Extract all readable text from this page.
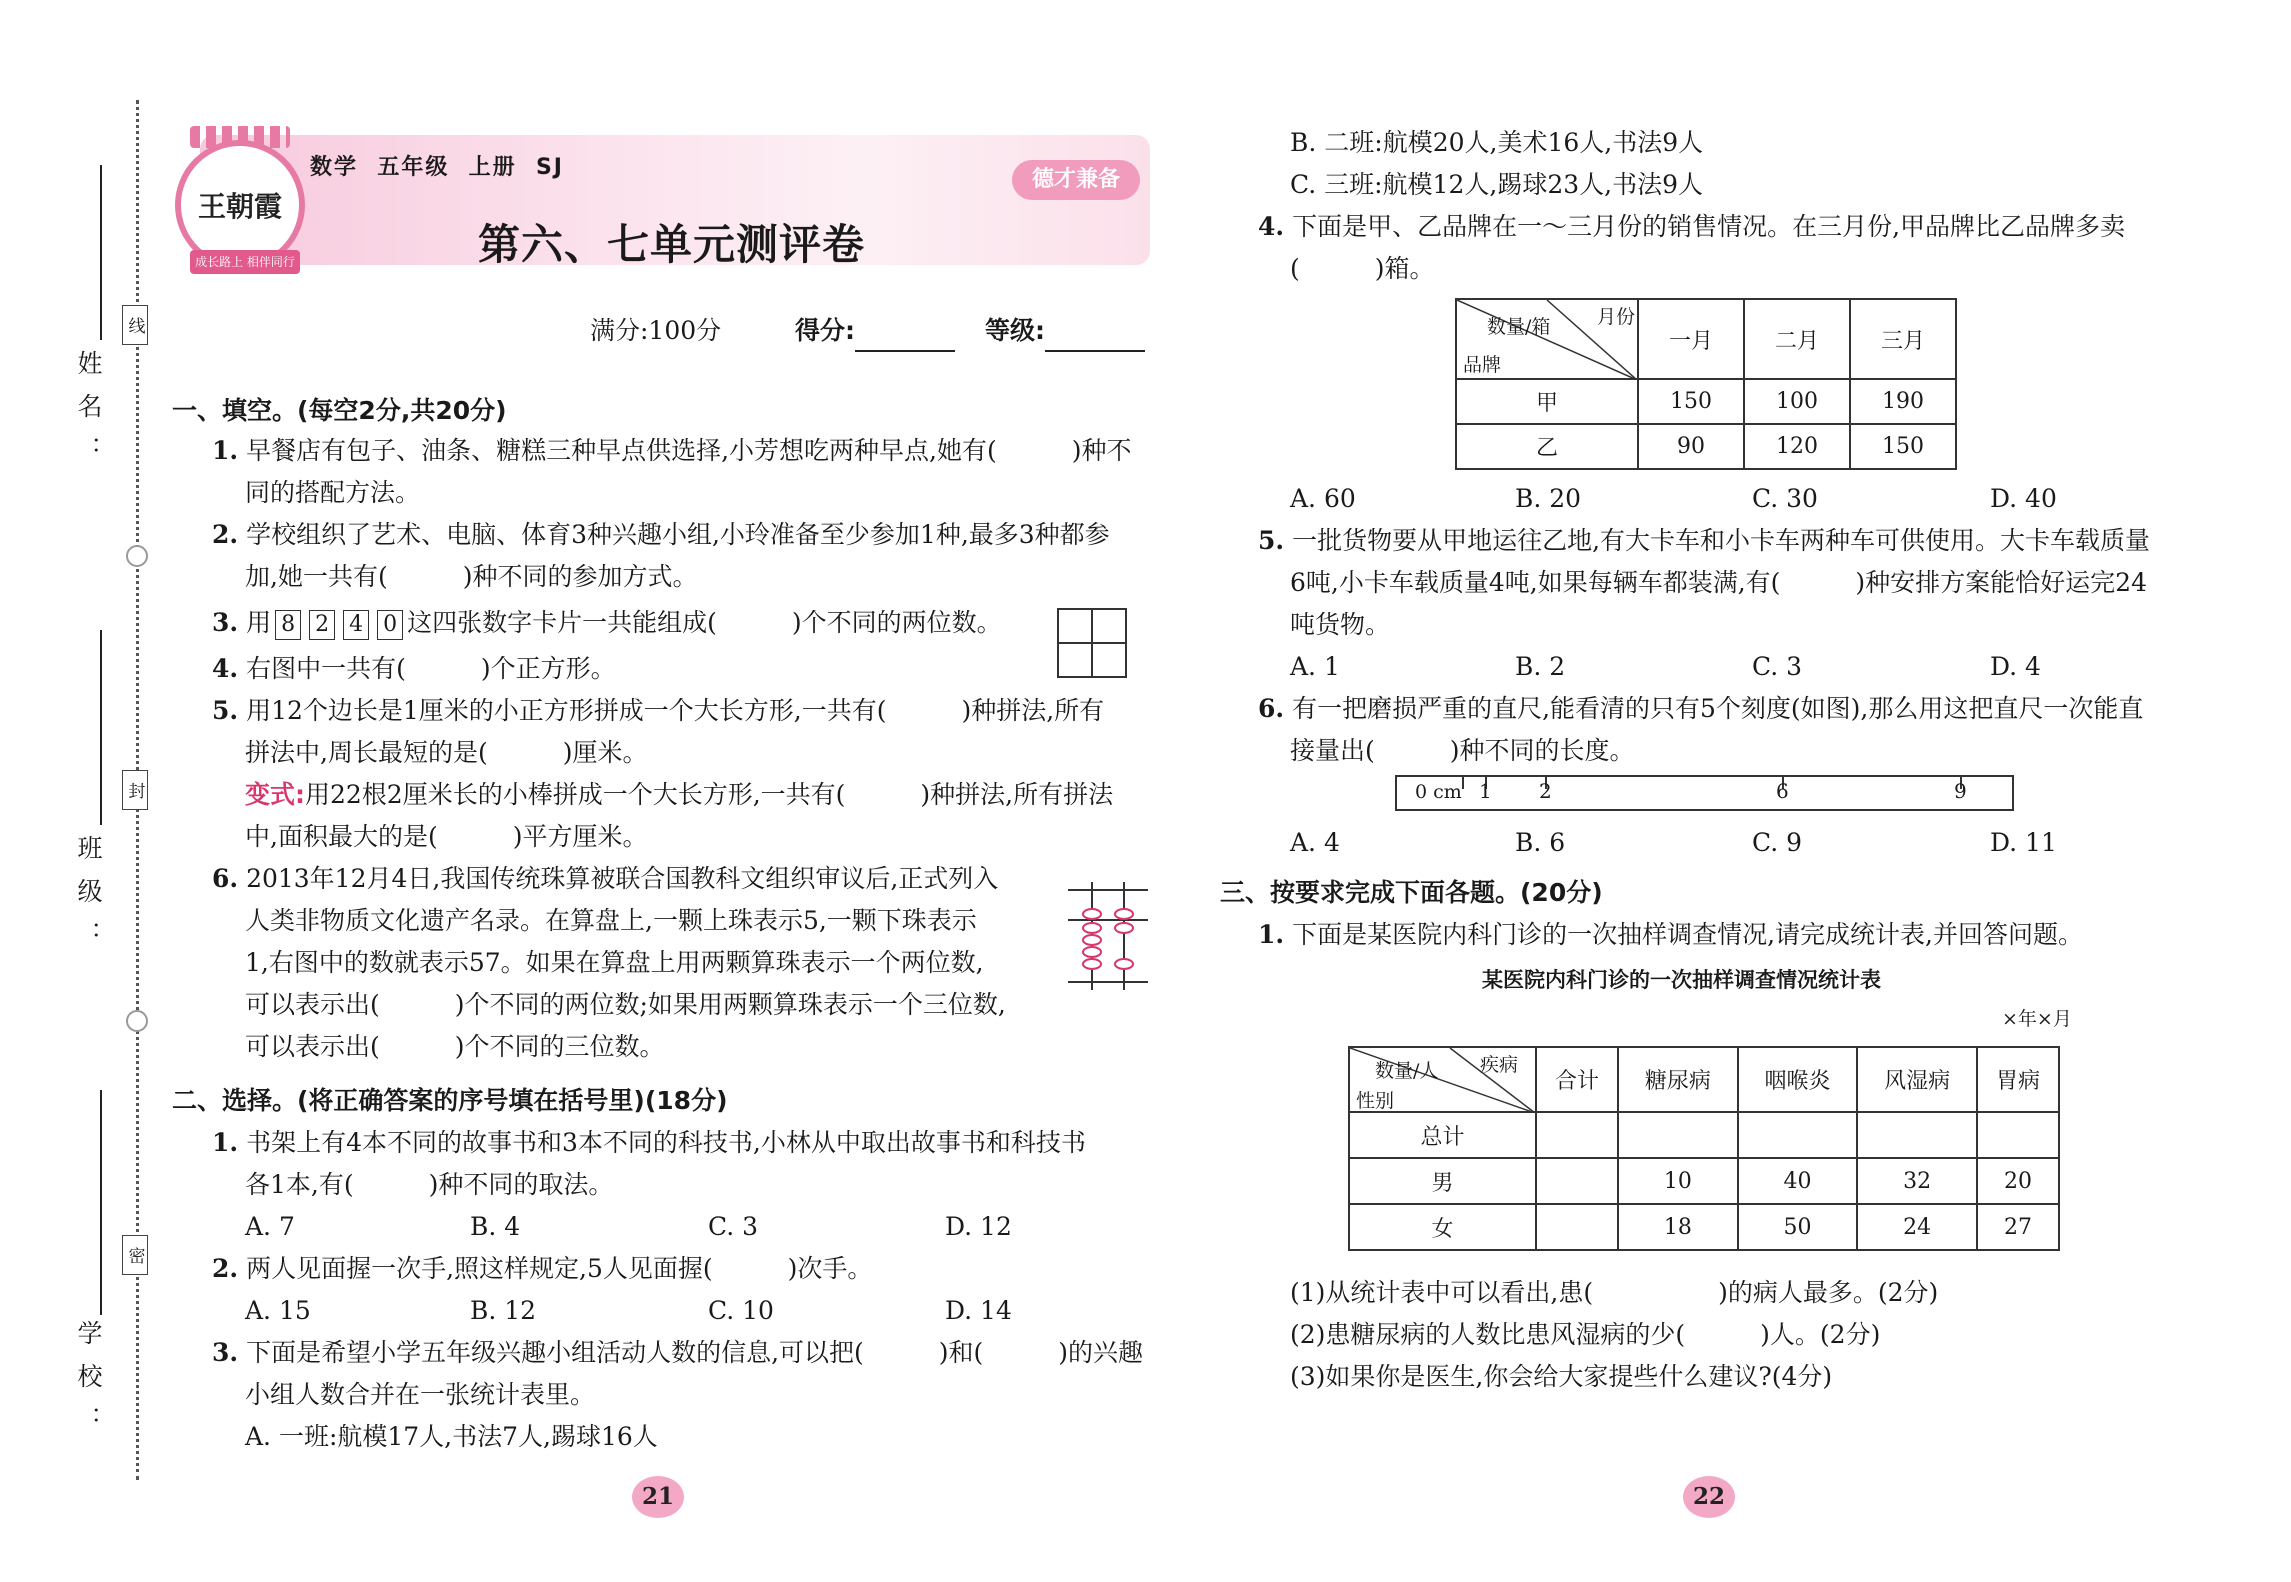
姓名：
班级：
学校：
线
封
密
王朝霞
成长路上 相伴同行
数学  五年级  上册  SJ
第六、七单元测评卷
德才兼备
满分:100分	得分:	等级:
一、填空。(每空2分,共20分)
1. 早餐店有包子、油条、糖糕三种早点供选择,小芳想吃两种早点,她有(　　　)种不
同的搭配方法。
2. 学校组织了艺术、电脑、体育3种兴趣小组,小玲准备至少参加1种,最多3种都参
加,她一共有(　　　)种不同的参加方式。
3. 用 8 2 4 0 这四张数字卡片一共能组成(　　　)个不同的两位数。
4. 右图中一共有(　　　)个正方形。
5. 用12个边长是1厘米的小正方形拼成一个大长方形,一共有(　　　)种拼法,所有
拼法中,周长最短的是(　　　)厘米。
变式:用22根2厘米长的小棒拼成一个大长方形,一共有(　　　)种拼法,所有拼法
中,面积最大的是(　　　)平方厘米。
6. 2013年12月4日,我国传统珠算被联合国教科文组织审议后,正式列入
人类非物质文化遗产名录。在算盘上,一颗上珠表示5,一颗下珠表示
1,右图中的数就表示57。如果在算盘上用两颗算珠表示一个两位数,
可以表示出(　　　)个不同的两位数;如果用两颗算珠表示一个三位数,
可以表示出(　　　)个不同的三位数。
二、选择。(将正确答案的序号填在括号里)(18分)
1. 书架上有4本不同的故事书和3本不同的科技书,小林从中取出故事书和科技书
各1本,有(　　　)种不同的取法。
A. 7	B. 4	C. 3	D. 12
2. 两人见面握一次手,照这样规定,5人见面握(　　　)次手。
A. 15	B. 12	C. 10	D. 14
3. 下面是希望小学五年级兴趣小组活动人数的信息,可以把(　　　)和(　　　)的兴趣
小组人数合并在一张统计表里。
A. 一班:航模17人,书法7人,踢球16人
21
B. 二班:航模20人,美术16人,书法9人
C. 三班:航模12人,踢球23人,书法9人
4. 下面是甲、乙品牌在一～三月份的销售情况。在三月份,甲品牌比乙品牌多卖
(　　　)箱。
月份
数量/箱
品牌	一月	二月	三月
甲	150	100	190
乙	90	120	150
A. 60	B. 20	C. 30	D. 40
5. 一批货物要从甲地运往乙地,有大卡车和小卡车两种车可供使用。大卡车载质量
6吨,小卡车载质量4吨,如果每辆车都装满,有(　　　)种安排方案能恰好运完24
吨货物。
A. 1	B. 2	C. 3	D. 4
6. 有一把磨损严重的直尺,能看清的只有5个刻度(如图),那么用这把直尺一次能直
接量出(　　　)种不同的长度。
0 cm 1 2	6	9
A. 4	B. 6	C. 9	D. 11
三、按要求完成下面各题。(20分)
1. 下面是某医院内科门诊的一次抽样调查情况,请完成统计表,并回答问题。
某医院内科门诊的一次抽样调查情况统计表
×年×月
疾病
数量/人
性别	合计	糖尿病	咽喉炎	风湿病	胃病
总计					
男		10	40	32	20
女		18	50	24	27
(1)从统计表中可以看出,患(　　　　　)的病人最多。(2分)
(2)患糖尿病的人数比患风湿病的少(　　　)人。(2分)
(3)如果你是医生,你会给大家提些什么建议?(4分)
22
